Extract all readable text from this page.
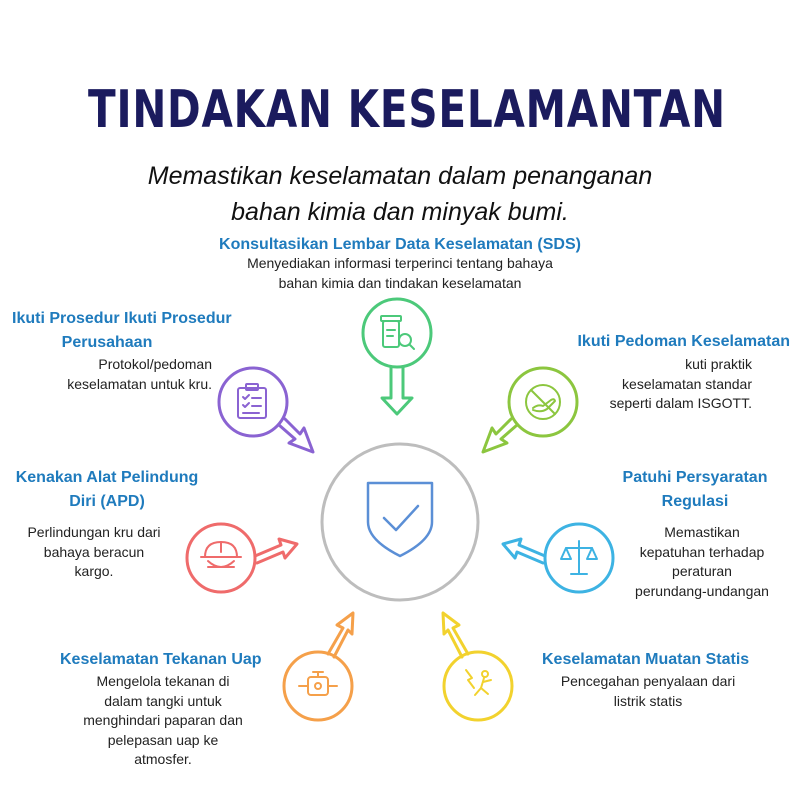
TINDAKAN KESELAMANTAN
Memastikan keselamatan dalam penanganan
bahan kimia dan minyak bumi.
Konsultasikan Lembar Data Keselamatan (SDS)
Menyediakan informasi terperinci tentang bahaya
bahan kimia dan tindakan keselamatan
Ikuti Prosedur Ikuti Prosedur
Perusahaan
Protokol/pedoman
keselamatan untuk kru.
Ikuti Pedoman Keselamatan
kuti praktik
keselamatan standar
seperti dalam ISGOTT.
Kenakan Alat Pelindung
Diri (APD)
Perlindungan kru dari
bahaya beracun
kargo.
Patuhi Persyaratan
Regulasi
Memastikan
kepatuhan terhadap
peraturan
perundang-undangan
Keselamatan Tekanan Uap
Mengelola tekanan di
dalam tangki untuk
menghindari paparan dan
pelepasan uap ke
atmosfer.
Keselamatan Muatan Statis
Pencegahan penyalaan dari
listrik statis
